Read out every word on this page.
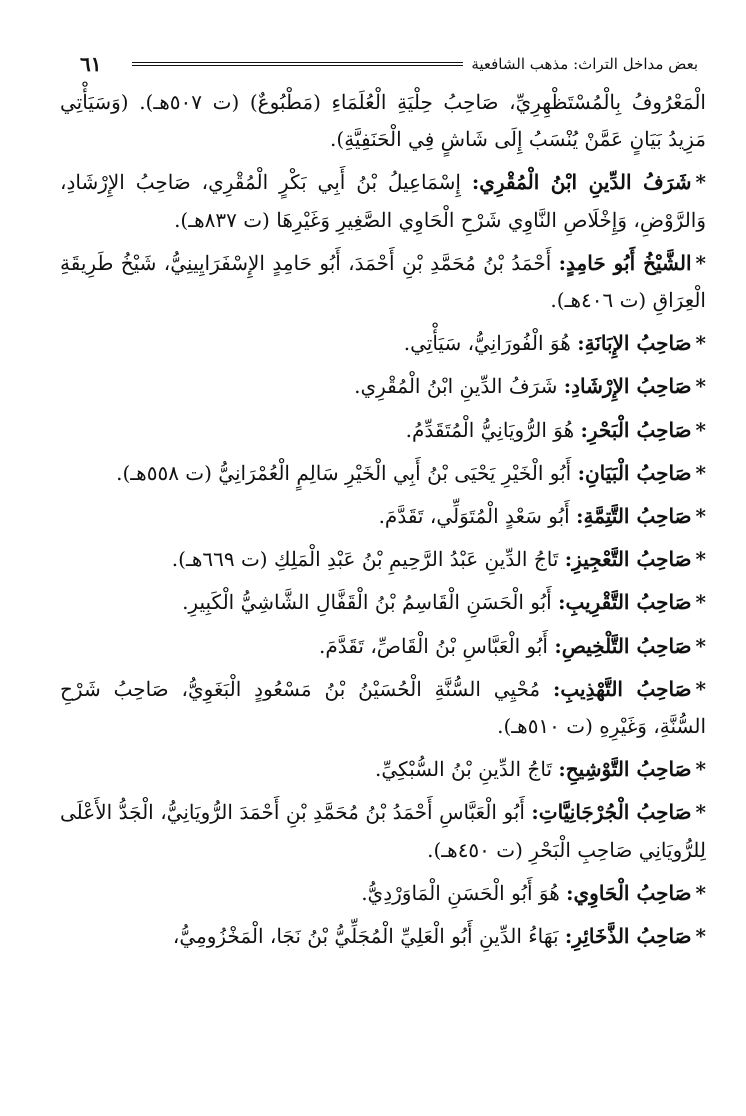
٦١	بعض مداخل التراث: مذهب الشافعية

الْمَعْرُوفُ بِالْمُسْتَظْهِرِيِّ، صَاحِبُ حِلْيَةِ الْعُلَمَاءِ (مَطْبُوعٌ) (ت ٥٠٧هـ). (وَسَيَأْتِي مَزِيدُ بَيَانٍ عَمَّنْ يُنْسَبُ إِلَى شَاشٍ فِي الْحَنَفِيَّةِ).

*شَرَفُ الدِّينِ ابْنُ الْمُقْرِي: إِسْمَاعِيلُ بْنُ أَبِي بَكْرٍ الْمُقْرِي، صَاحِبُ الإِرْشَادِ، وَالرَّوْضِ، وَإِخْلَاصِ النَّاوِي شَرْحِ الْحَاوِي الصَّغِيرِ وَغَيْرِهَا (ت ٨٣٧هـ).

*الشَّيْخُ أَبُو حَامِدٍ: أَحْمَدُ بْنُ مُحَمَّدِ بْنِ أَحْمَدَ، أَبُو حَامِدٍ الإِسْفَرَايِينِيُّ، شَيْخُ طَرِيقَةِ الْعِرَاقِ (ت ٤٠٦هـ).

*صَاحِبُ الإِبَانَةِ: هُوَ الْفُورَانِيُّ، سَيَأْتِي.

*صَاحِبُ الإِرْشَادِ: شَرَفُ الدِّينِ ابْنُ الْمُقْرِي.

*صَاحِبُ الْبَحْرِ: هُوَ الرُّويَانِيُّ الْمُتَقَدِّمُ.

*صَاحِبُ الْبَيَانِ: أَبُو الْخَيْرِ يَحْيَى بْنُ أَبِي الْخَيْرِ سَالِمٍ الْعُمْرَانِيُّ (ت ٥٥٨هـ).

*صَاحِبُ التَّتِمَّةِ: أَبُو سَعْدٍ الْمُتَوَلِّي، تَقَدَّمَ.

*صَاحِبُ التَّعْجِيزِ: تَاجُ الدِّينِ عَبْدُ الرَّحِيمِ بْنُ عَبْدِ الْمَلِكِ (ت ٦٦٩هـ).

*صَاحِبُ التَّقْرِيبِ: أَبُو الْحَسَنِ الْقَاسِمُ بْنُ الْقَفَّالِ الشَّاشِيُّ الْكَبِيرِ.

*صَاحِبُ التَّلْخِيصِ: أَبُو الْعَبَّاسِ بْنُ الْقَاصِّ، تَقَدَّمَ.

*صَاحِبُ التَّهْذِيبِ: مُحْيِي السُّنَّةِ الْحُسَيْنُ بْنُ مَسْعُودٍ الْبَغَوِيُّ، صَاحِبُ شَرْحِ السُّنَّةِ، وَغَيْرِهِ (ت ٥١٠هـ).

*صَاحِبُ التَّوْشِيحِ: تَاجُ الدِّينِ بْنُ السُّبْكِيِّ.

*صَاحِبُ الْجُرْجَانِيَّاتِ: أَبُو الْعَبَّاسِ أَحْمَدُ بْنُ مُحَمَّدِ بْنِ أَحْمَدَ الرُّويَانِيُّ، الْجَدُّ الأَعْلَى لِلرُّويَانِي صَاحِبِ الْبَحْرِ (ت ٤٥٠هـ).

*صَاحِبُ الْحَاوِي: هُوَ أَبُو الْحَسَنِ الْمَاوَرْدِيُّ.

*صَاحِبُ الذَّخَائِرِ: بَهَاءُ الدِّينِ أَبُو الْعَلِيِّ الْمُجَلِّيُّ بْنُ نَجَا، الْمَخْزُومِيُّ،
